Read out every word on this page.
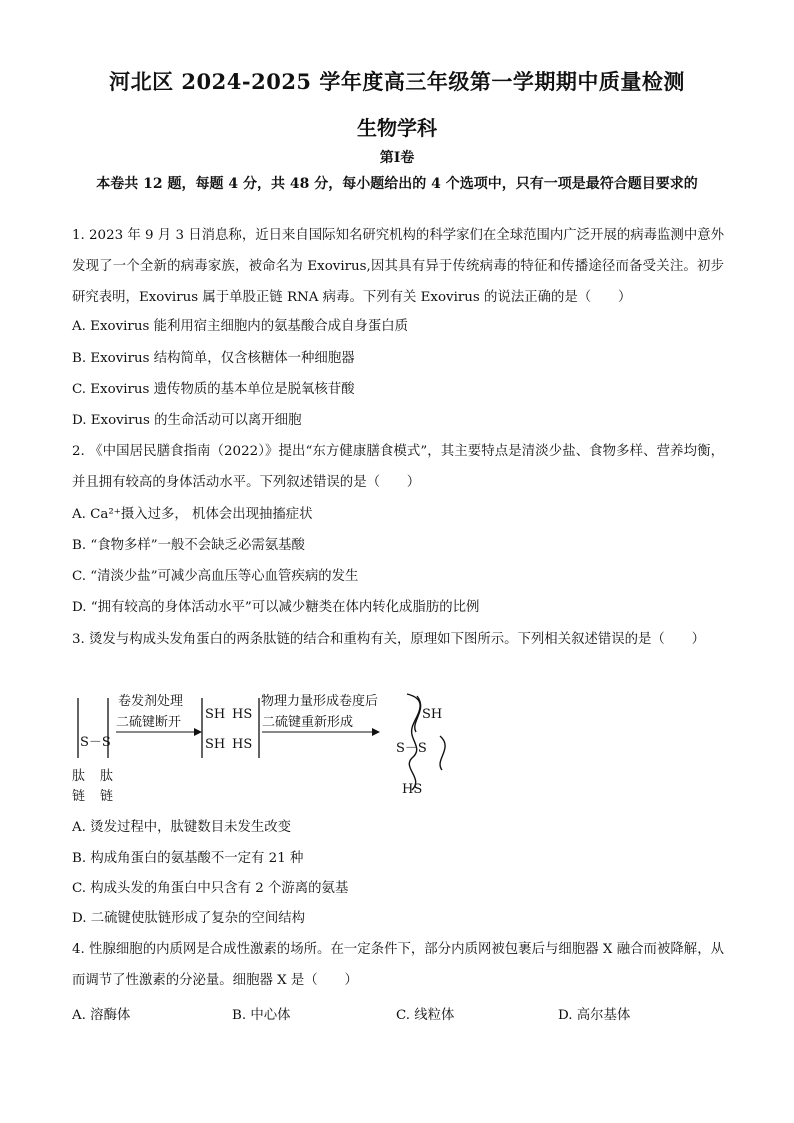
河北区 2024-2025 学年度高三年级第一学期期中质量检测
生物学科
第Ⅰ卷
本卷共 12 题，每题 4 分，共 48 分，每小题给出的 4 个选项中，只有一项是最符合题目要求的
1. 2023 年 9 月 3 日消息称，近日来自国际知名研究机构的科学家们在全球范围内广泛开展的病毒监测中意外发现了一个全新的病毒家族，被命名为 Exovirus,因其具有异于传统病毒的特征和传播途径而备受关注。初步研究表明，Exovirus 属于单股正链 RNA 病毒。下列有关 Exovirus 的说法正确的是（　　）
A. Exovirus 能利用宿主细胞内的氨基酸合成自身蛋白质
B. Exovirus 结构简单，仅含核糖体一种细胞器
C. Exovirus 遗传物质的基本单位是脱氧核苷酸
D. Exovirus 的生命活动可以离开细胞
2. 《中国居民膳食指南（2022）》提出“东方健康膳食模式”，其主要特点是清淡少盐、食物多样、营养均衡，并且拥有较高的身体活动水平。下列叙述错误的是（　　）
A. Ca²⁺摄入过多， 机体会出现抽搐症状
B. “食物多样”一般不会缺乏必需氨基酸
C. “清淡少盐”可减少高血压等心血管疾病的发生
D. “拥有较高的身体活动水平”可以减少糖类在体内转化成脂肪的比例
3. 烫发与构成头发角蛋白的两条肽链的结合和重构有关，原理如下图所示。下列相关叙述错误的是（　　）
S－S
肽
链
肽
链
卷发剂处理
二硫键断开
SH
SH
HS
HS
物理力量形成卷度后
二硫键重新形成
SH
S－S
HS
A. 烫发过程中，肽键数目未发生改变
B. 构成角蛋白的氨基酸不一定有 21 种
C. 构成头发的角蛋白中只含有 2 个游离的氨基
D. 二硫键使肽链形成了复杂的空间结构
4. 性腺细胞的内质网是合成性激素的场所。在一定条件下，部分内质网被包裹后与细胞器 X 融合而被降解，从而调节了性激素的分泌量。细胞器 X 是（　　）
A. 溶酶体	B. 中心体	C. 线粒体	D. 高尔基体
